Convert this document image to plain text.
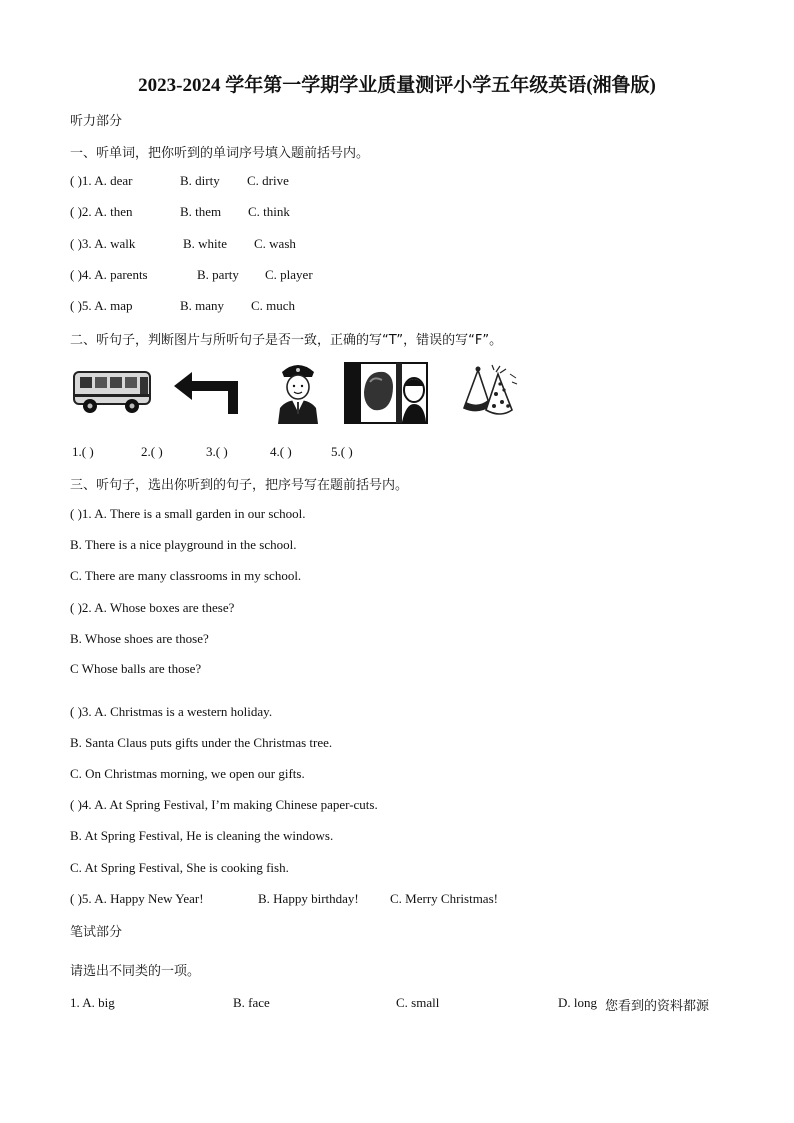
2023-2024 学年第一学期学业质量测评小学五年级英语(湘鲁版)
听力部分
一、听单词，把你听到的单词序号填入题前括号内。
( )1. A. dear	B. dirty C. drive
( )2. A. then	B. them C. think
( )3. A. walk	B. white C. wash
( )4. A. parents	B. party C. player
( )5. A. map	B. many C. much
二、听句子，判断图片与所听句子是否一致，正确的写“T”，错误的写“F”。
1.( )	2.( )	3.( )	4.( )	5.( )
三、听句子，选出你听到的句子，把序号写在题前括号内。
( )1. A. There is a small garden in our school.
B. There is a nice playground in the school.
C. There are many classrooms in my school.
( )2. A. Whose boxes are these?
B. Whose shoes are those?
C Whose balls are those?
( )3. A. Christmas is a western holiday.
B. Santa Claus puts gifts under the Christmas tree.
C. On Christmas morning, we open our gifts.
( )4. A. At Spring Festival, I’m making Chinese paper-cuts.
B. At Spring Festival, He is cleaning the windows.
C. At Spring Festival, She is cooking fish.
( )5. A. Happy New Year!	B. Happy birthday! C. Merry Christmas!
笔试部分
请选出不同类的一项。
1. A. big	B. face	C. small	D. long 您看到的资料都源
